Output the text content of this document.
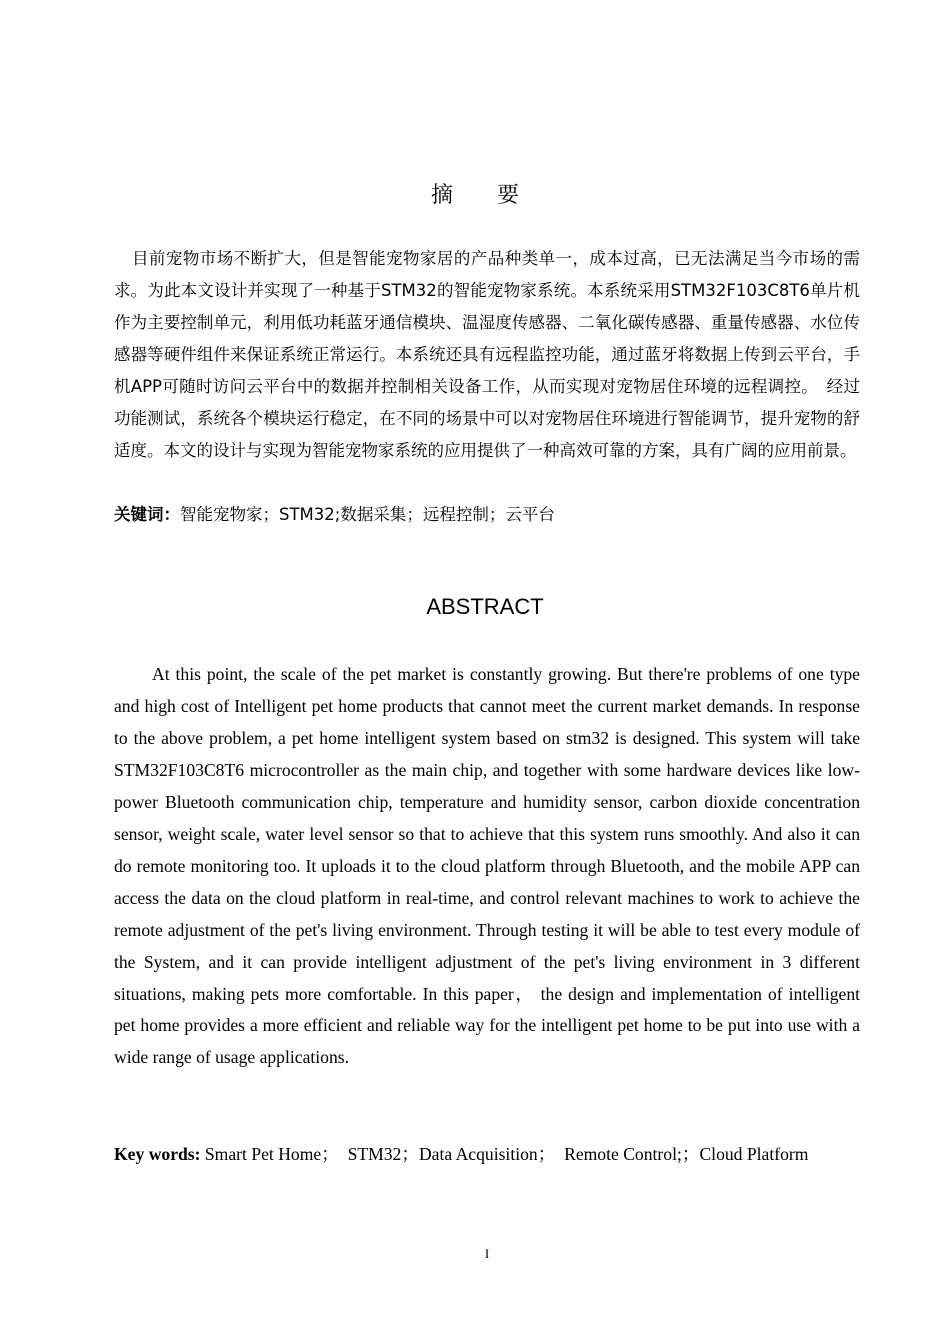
摘　　要

目前宠物市场不断扩大，但是智能宠物家居的产品种类单一，成本过高，已无法满足当今市场的需求。为此本文设计并实现了一种基于STM32的智能宠物家系统。本系统采用STM32F103C8T6单片机作为主要控制单元，利用低功耗蓝牙通信模块、温湿度传感器、二氧化碳传感器、重量传感器、水位传感器等硬件组件来保证系统正常运行。本系统还具有远程监控功能，通过蓝牙将数据上传到云平台，手机APP可随时访问云平台中的数据并控制相关设备工作，从而实现对宠物居住环境的远程调控。　经过功能测试，系统各个模块运行稳定，在不同的场景中可以对宠物居住环境进行智能调节，提升宠物的舒适度。本文的设计与实现为智能宠物家系统的应用提供了一种高效可靠的方案，具有广阔的应用前景。

关键词：智能宠物家；STM32;数据采集；远程控制；云平台

ABSTRACT

At this point, the scale of the pet market is constantly growing. But there're problems of one type and high cost of Intelligent pet home products that cannot meet the current market demands. In response to the above problem, a pet home intelligent system based on stm32 is designed. This system will take STM32F103C8T6 microcontroller as the main chip, and together with some hardware devices like low-power Bluetooth communication chip, temperature and humidity sensor, carbon dioxide concentration sensor, weight scale, water level sensor so that to achieve that this system runs smoothly. And also it can do remote monitoring too. It uploads it to the cloud platform through Bluetooth, and the mobile APP can access the data on the cloud platform in real-time, and control relevant machines to work to achieve the remote adjustment of the pet's living environment. Through testing it will be able to test every module of the System, and it can provide intelligent adjustment of the pet's living environment in 3 different situations, making pets more comfortable. In this paper， the design and implementation of intelligent pet home provides a more efficient and reliable way for the intelligent pet home to be put into use with a wide range of usage applications.

Key words: Smart Pet Home；　STM32；Data Acquisition；　Remote Control;；Cloud Platform

I
